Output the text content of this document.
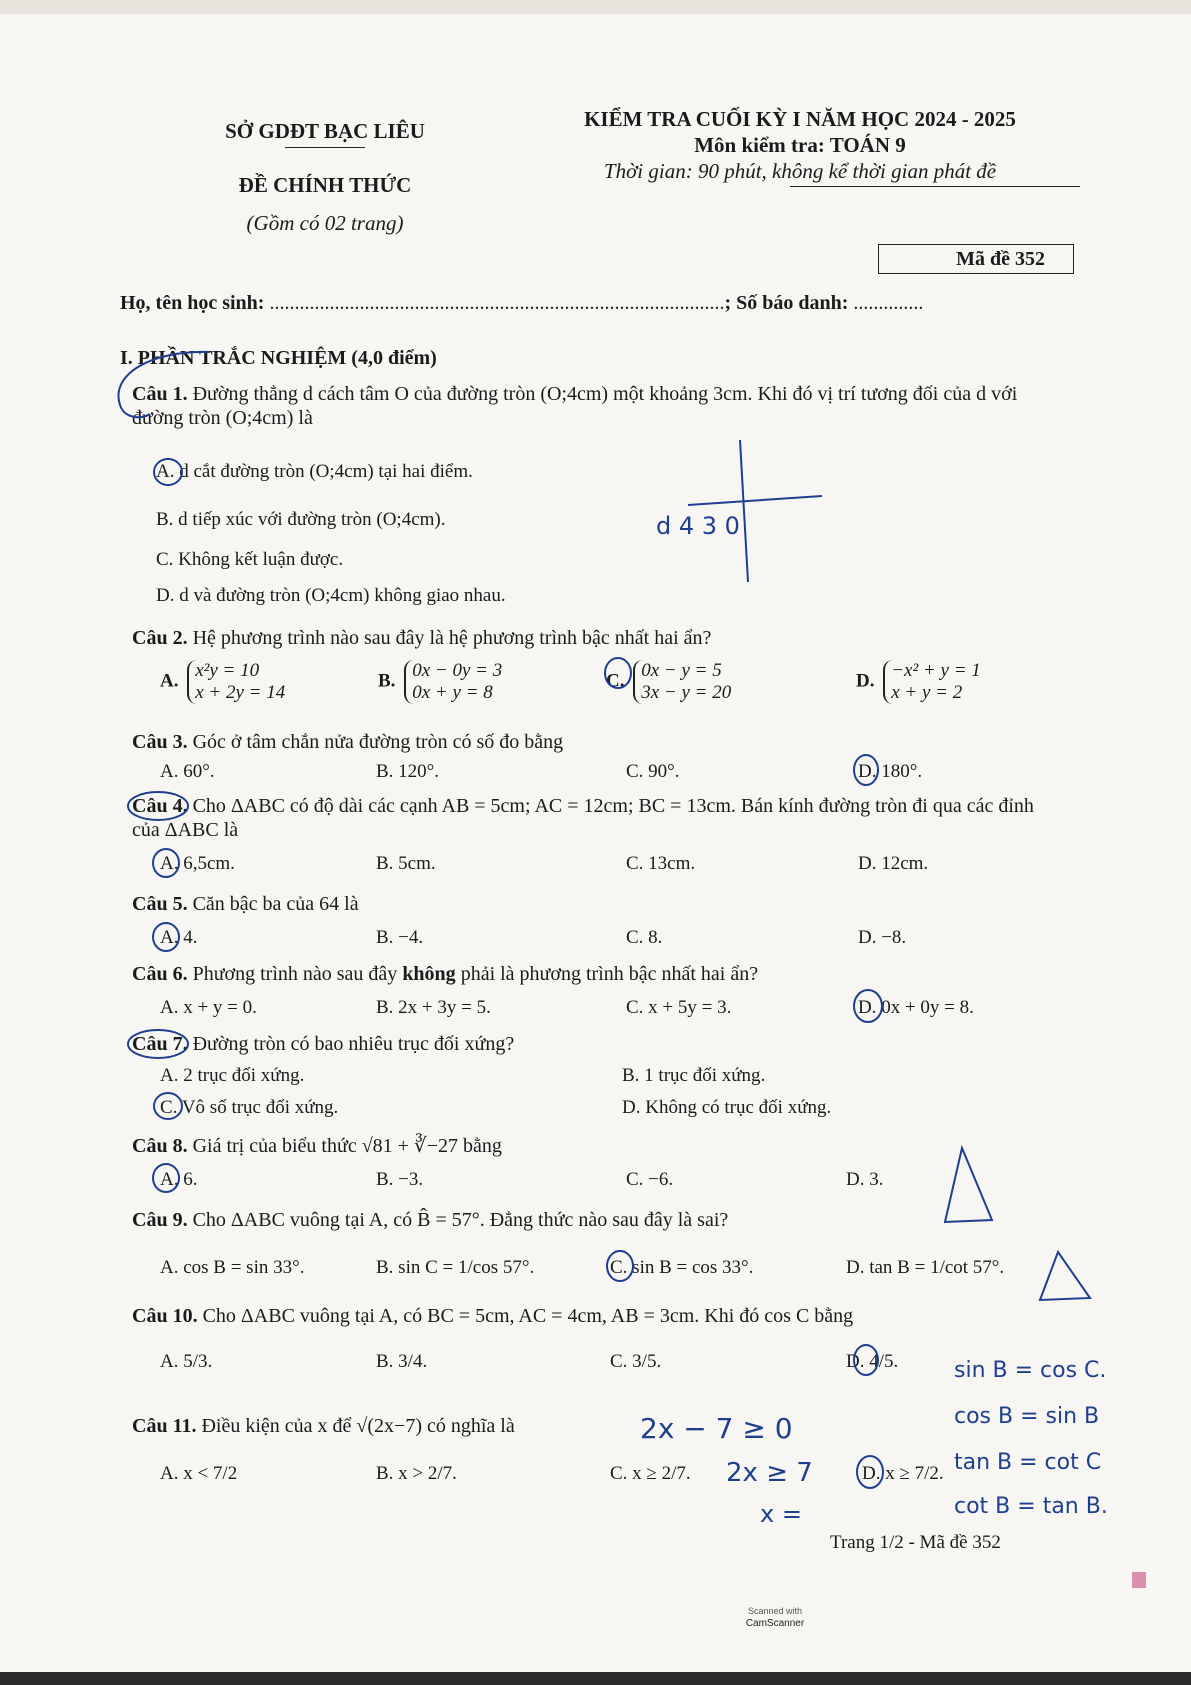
SỞ GDĐT BẠC LIÊU
ĐỀ CHÍNH THỨC
(Gồm có 02 trang)
KIỂM TRA CUỐI KỲ I NĂM HỌC 2024 - 2025
Môn kiểm tra: TOÁN 9
Thời gian: 90 phút, không kể thời gian phát đề
Mã đề 352
Họ, tên học sinh: ...........................................................................................; Số báo danh: ..............
I. PHẦN TRẮC NGHIỆM (4,0 điểm)
Câu 1. Đường thẳng d cách tâm O của đường tròn (O;4cm) một khoảng 3cm. Khi đó vị trí tương đối của d với đường tròn (O;4cm) là
A. d cắt đường tròn (O;4cm) tại hai điểm.
B. d tiếp xúc với đường tròn (O;4cm).
C. Không kết luận được.
D. d và đường tròn (O;4cm) không giao nhau.
Câu 2. Hệ phương trình nào sau đây là hệ phương trình bậc nhất hai ẩn?
A. x²y = 10
x + 2y = 14
B. 0x − 0y = 3
0x + y = 8
C. 0x − y = 5
3x − y = 20
D. −x² + y = 1
x + y = 2
Câu 3. Góc ở tâm chắn nửa đường tròn có số đo bằng
A. 60°.	B. 120°.	C. 90°.	D. 180°.
Câu 4. Cho ΔABC có độ dài các cạnh AB = 5cm; AC = 12cm; BC = 13cm. Bán kính đường tròn đi qua các đỉnh của ΔABC là
A. 6,5cm.	B. 5cm.	C. 13cm.	D. 12cm.
Câu 5. Căn bậc ba của 64 là
A. 4.	B. −4.	C. 8.	D. −8.
Câu 6. Phương trình nào sau đây không phải là phương trình bậc nhất hai ẩn?
A. x + y = 0.	B. 2x + 3y = 5.	C. x + 5y = 3.	D. 0x + 0y = 8.
Câu 7. Đường tròn có bao nhiêu trục đối xứng?
A. 2 trục đối xứng.	B. 1 trục đối xứng.
C. Vô số trục đối xứng.	D. Không có trục đối xứng.
Câu 8. Giá trị của biểu thức √81 + ∛−27 bằng
A. 6.	B. −3.	C. −6.	D. 3.
Câu 9. Cho ΔABC vuông tại A, có B̂ = 57°. Đẳng thức nào sau đây là sai?
A. cos B = sin 33°.	B. sin C = 1/cos 57°.	C. sin B = cos 33°.	D. tan B = 1/cot 57°.
Câu 10. Cho ΔABC vuông tại A, có BC = 5cm, AC = 4cm, AB = 3cm. Khi đó cos C bằng
A. 5/3.	B. 3/4.	C. 3/5.	D. 4/5.
Câu 11. Điều kiện của x để √(2x−7) có nghĩa là
A. x < 7/2	B. x > 2/7.	C. x ≥ 2/7.	D. x ≥ 7/2.
d 4 3 0
2x − 7 ≥ 0
2x ≥ 7
x =
sin B = cos C.
cos B = sin B
tan B = cot C
cot B = tan B.
Trang 1/2 - Mã đề 352
Scanned with
CamScanner
